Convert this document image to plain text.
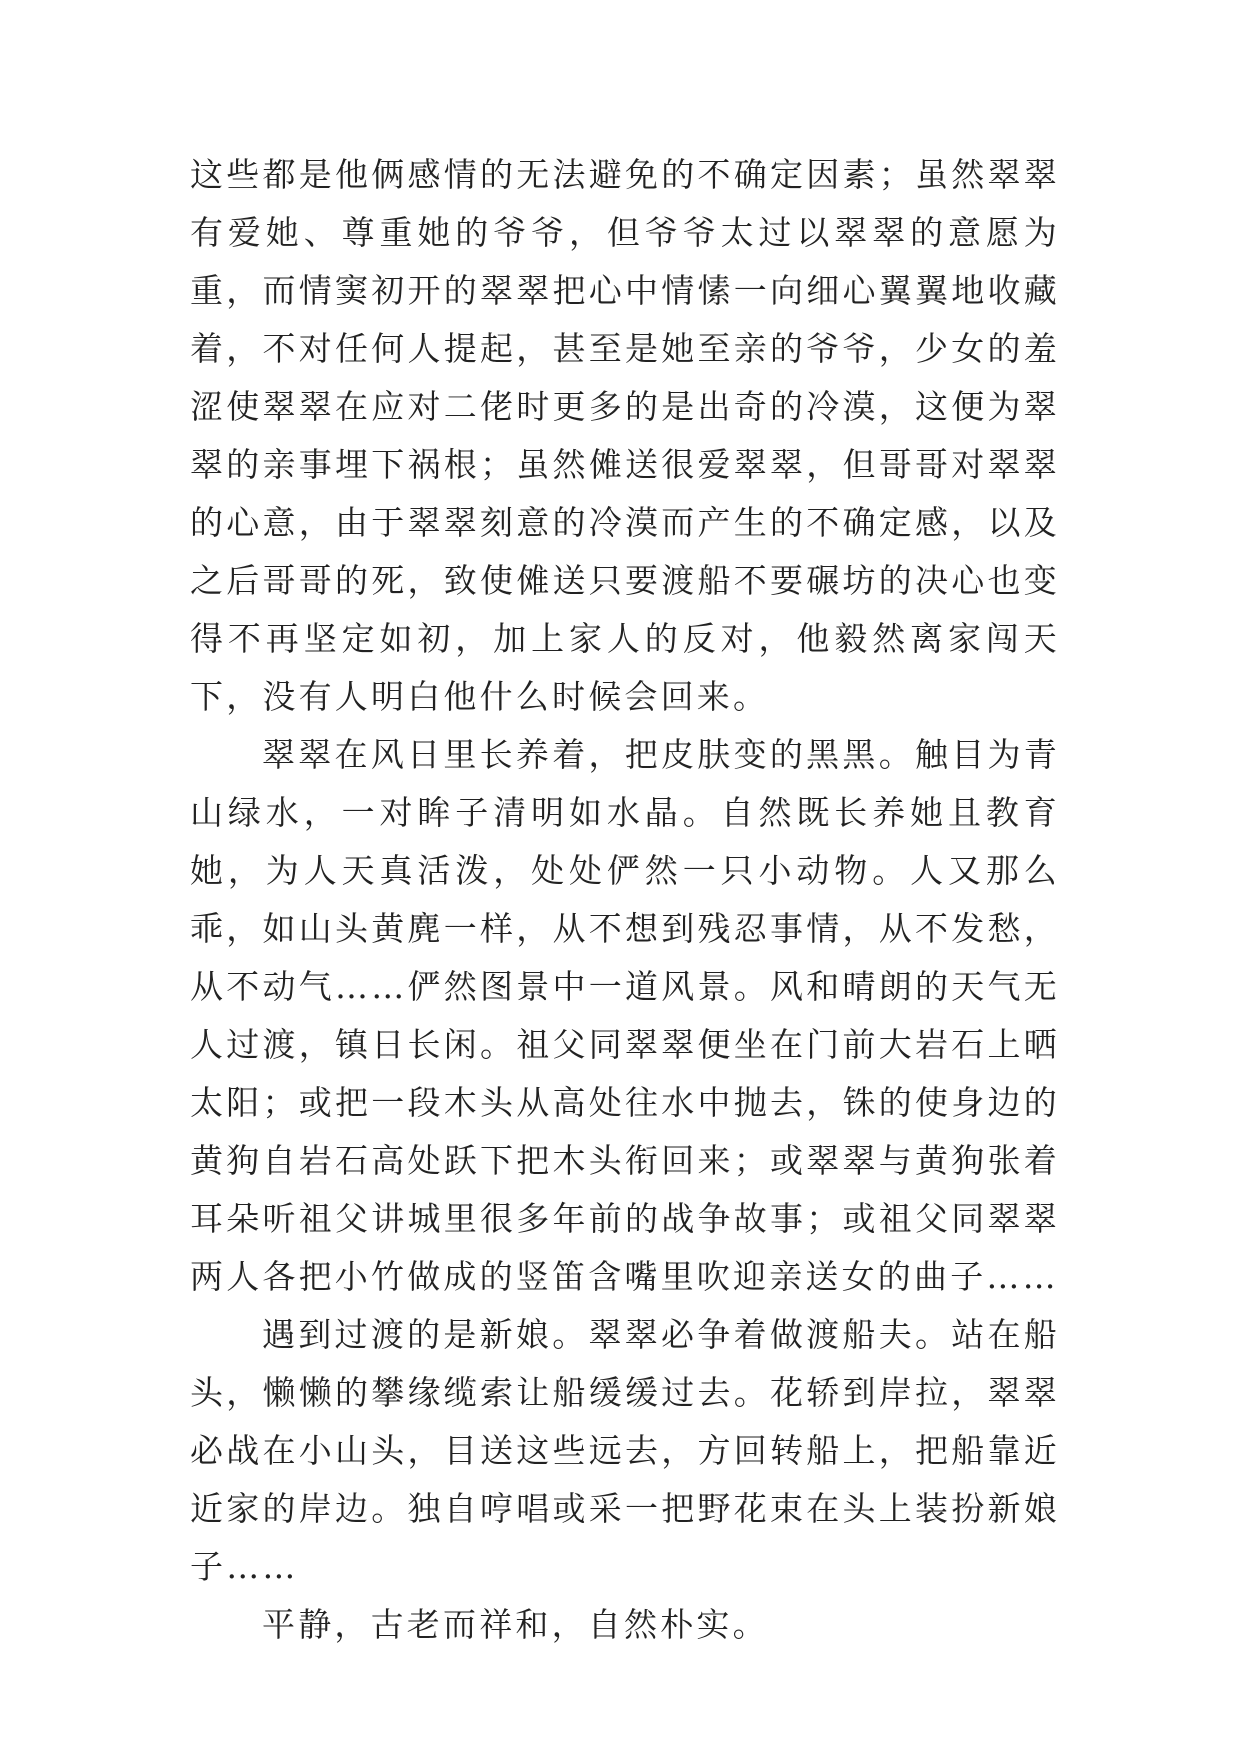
这些都是他俩感情的无法避免的不确定因素；虽然翠翠有爱她、尊重她的爷爷，但爷爷太过以翠翠的意愿为重，而情窦初开的翠翠把心中情愫一向细心翼翼地收藏着，不对任何人提起，甚至是她至亲的爷爷，少女的羞涩使翠翠在应对二佬时更多的是出奇的冷漠，这便为翠翠的亲事埋下祸根；虽然傩送很爱翠翠，但哥哥对翠翠的心意，由于翠翠刻意的冷漠而产生的不确定感，以及之后哥哥的死，致使傩送只要渡船不要碾坊的决心也变得不再坚定如初，加上家人的反对，他毅然离家闯天下，没有人明白他什么时候会回来。

翠翠在风日里长养着，把皮肤变的黑黑。触目为青山绿水，一对眸子清明如水晶。自然既长养她且教育她，为人天真活泼，处处俨然一只小动物。人又那么乖，如山头黄麂一样，从不想到残忍事情，从不发愁，从不动气……俨然图景中一道风景。风和晴朗的天气无人过渡，镇日长闲。祖父同翠翠便坐在门前大岩石上晒太阳；或把一段木头从高处往水中抛去，铢的使身边的黄狗自岩石高处跃下把木头衔回来；或翠翠与黄狗张着耳朵听祖父讲城里很多年前的战争故事；或祖父同翠翠两人各把小竹做成的竖笛含嘴里吹迎亲送女的曲子……

遇到过渡的是新娘。翠翠必争着做渡船夫。站在船头，懒懒的攀缘缆索让船缓缓过去。花轿到岸拉，翠翠必战在小山头，目送这些远去，方回转船上，把船靠近近家的岸边。独自哼唱或采一把野花束在头上装扮新娘子……

平静，古老而祥和，自然朴实。
